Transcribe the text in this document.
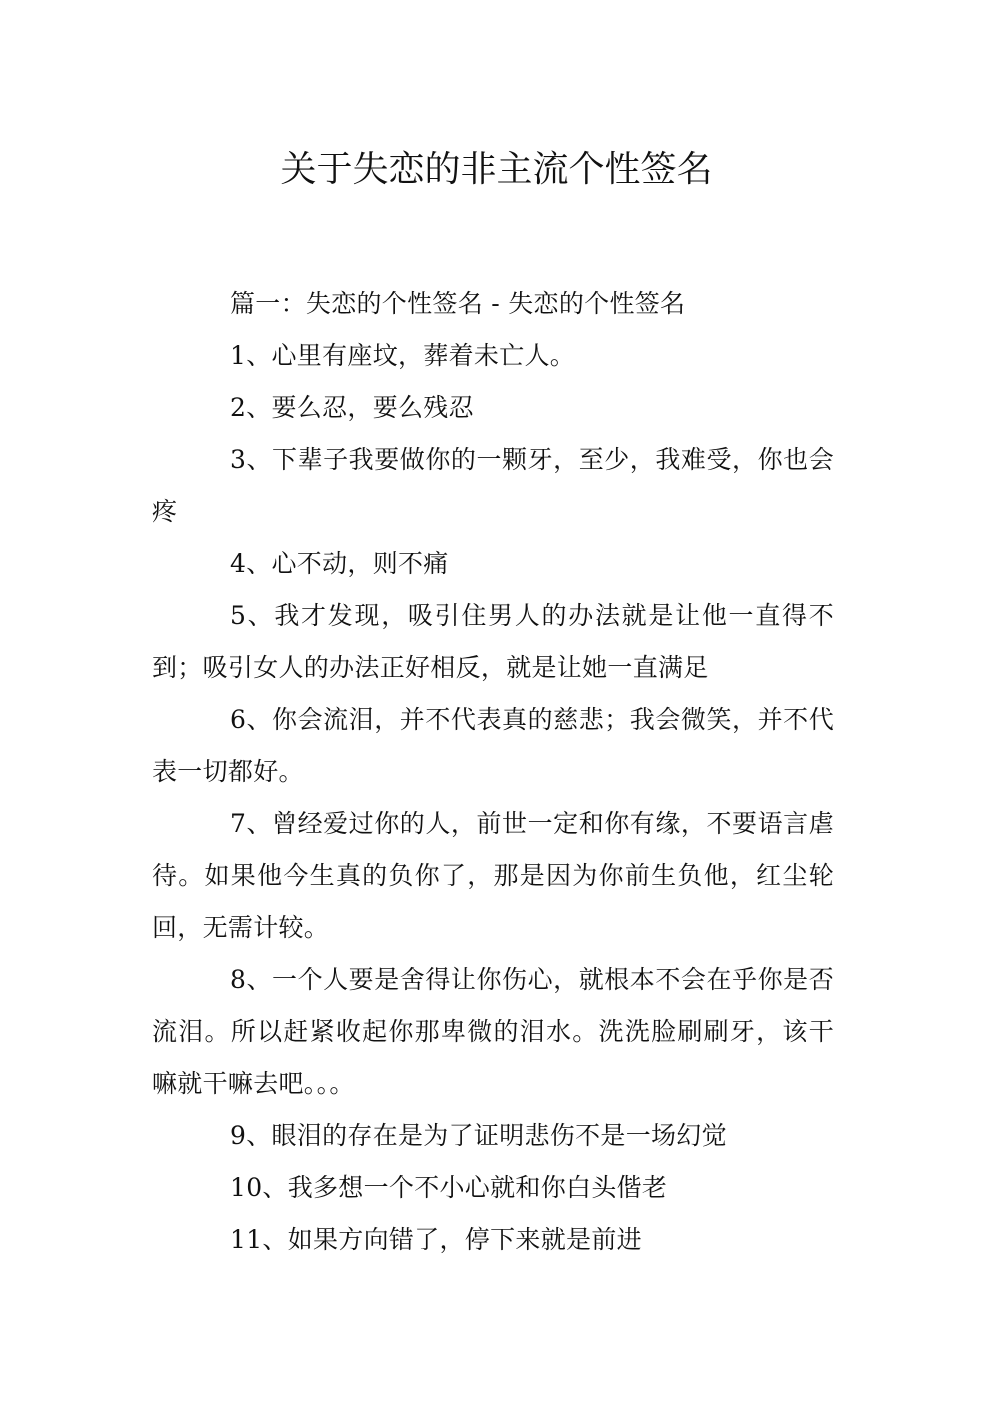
关于失恋的非主流个性签名

篇一：失恋的个性签名 - 失恋的个性签名

1、心里有座坟，葬着未亡人。

2、要么忍，要么残忍

3、下辈子我要做你的一颗牙，至少，我难受，你也会疼

4、心不动，则不痛

5、我才发现，吸引住男人的办法就是让他一直得不到；吸引女人的办法正好相反，就是让她一直满足

6、你会流泪，并不代表真的慈悲；我会微笑，并不代表一切都好。

7、曾经爱过你的人，前世一定和你有缘，不要语言虐待。如果他今生真的负你了，那是因为你前生负他，红尘轮回，无需计较。

8、一个人要是舍得让你伤心，就根本不会在乎你是否流泪。所以赶紧收起你那卑微的泪水。洗洗脸刷刷牙，该干嘛就干嘛去吧。。。

9、眼泪的存在是为了证明悲伤不是一场幻觉

10、我多想一个不小心就和你白头偕老

11、如果方向错了，停下来就是前进
